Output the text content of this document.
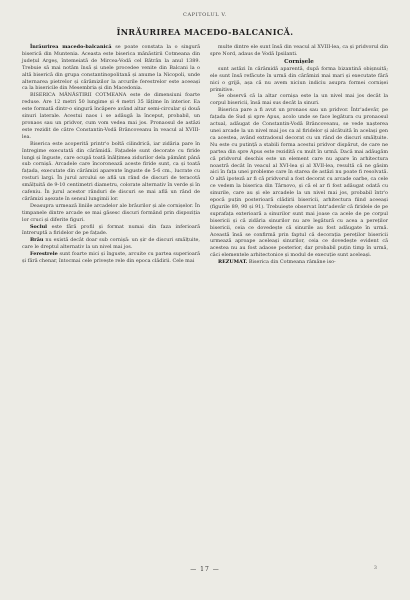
CAPITOLUL V.
ÎNRĂURIREA MACEDO-BALCANICĂ.

Înrăurirea macedo-balcanică se poate constata la o singură biserică din Muntenia. Aceasta este biserica mănăstirii Cotmeana din județul Argeș, întemeiată de Mircea-Vodă cel Bătrân la anul 1389. Trebuie să mai notăm însă și unele procedee venite din Balcani la o altă biserică din grupa constantinopolitană și anume la Nicopoli, unde alternarea pietrelor și cărămizilor la arcurile ferestrelor este aceeași ca la bisericile din Mesembria și din Macedonia.

BISERICA MĂNĂSTIRII COTMEANA este de dimensiuni foarte reduse. Are 12 metri 50 lungime și 4 metri 35 lățime în interior. Ea este formată dintr-o singură încăpere având altar semi-circular și două sinuri laterale. Acestui naos i se adăugă la început, probabil, un pronaos sau un pridvor, cum vom vedea mai jos. Pronaosul de astăzi este rezidit de către Constantin-Vodă Brâncoveanu în veacul al XVIII-lea.

Biserica este acoperită printr'o boltă cilindrică, iar zidăria pare în întregime executată din cărămidă. Fațadele sunt decorate cu firide lungi și înguste, care ocupă toată înălțimea zidurilor dela pământ până sub cornișă. Arcadele care încoronează aceste firide sunt, ca și toată fațada, executate din cărămizi aparente înguste de 5-6 cm., lucrate cu rosturi largi. În jurul arcului se află un rând de discuri de teracotă smălțuită de 9-10 centimetri diametru, colorate alternativ în verde și în cafeniu. În jurul acestor rânduri de discuri se mai află un rând de cărămizi așezate în sensul lungimii lor.

Deasupra urmează liniile arcadelor ale brâurilor și ale cornișelor. În timpanele dintre arcade se mai găsesc discuri formând prin dispoziția lor cruci și diferite figuri.

Soclul este fără profil și format numai din faza inferioară întreruptă a firidelor de pe fațade.

Brâu nu există decât doar sub cornișă: un șir de discuri smălțuite, care le dreptul alternativ la un nivel mai jos.

Ferestrele sunt foarte mici și înguste, arcuite cu partea superioară și fără chenar, întocmai cele privește rele din epoca clădirii. Cele mai

multe dintre ele sunt însă din veacul al XVIII-lea, ca și pridvorul din spre Nord, adaus de Vodă Ipsilanti.

Cornișele

sunt astăzi în cărămidă aparentă, după forma bizantină obișnuită; ele sunt însă refăcute în urmă din cărămizi mai mari și executate fără nici o grijă, așa că nu avem niciun indiciu asupra formei cornișei primitive.

Se observă că la altar cornișa este la un nivel mai jos decât la corpul bisericii, însă mai sus decât la sinuri.

Biserica pare a fi avut un pronaos sau un pridvor. Într'adevăr, pe fațada de Sud și spre Apus, acolo unde se face legătura cu pronaosul actual, adăugat de Constantin-Vodă Brâncoveanu, se vede nașterea unei arcade la un nivel mai jos ca al firidelor și alcătuită în același gen ca acestea, având extradosul decorat cu un rând de discuri smălțuite. Nu este cu putință a stabili forma acestui pridvor dispărut, de care ne partea din spre Apus este rezidită cu mult în urmă. Dacă mai adăugăm că pridvorul deschis este un element care nu apare în arhitectura noastră decât în veacul al XVI-lea și al XVII-lea, resultă că ne găsim aici în fața unei probleme care în starea de astăzi nu poate fi resolvată. O altă ipoteză ar fi că pridvorul a fost decorat cu arcade oarbe, ca cele ce vedem la biserica din Târnovo, și că el ar fi fost adăugat odată cu sinurile, care au și ele arcadele la un nivel mai jos, probabil într'o epocă puțin posterioară clădirii bisericii, arhitectura fiind aceeași (figurile 89, 90 și 91). Trebuiește observat într'adevăr că firidele de pe suprafața exterioară a sinurilor sunt mai joase ca acele de pe corpul bisericii și că zidăria sinurilor nu are legătură cu acea a pereților bisericii, ceia ce dovedește că sinurile au fost adăugate în urmă. Această însă se confirmă prin faptul că decorația pereților bisericii urmează aproape aceleași sinurilor, ceia ce dovedește evident că acestea nu au fost adaose posterior, dar probabil puțin timp în urmă, căci elementele arhitectonice și modul de execuție sunt aceleași.

REZUMAT. Biserica din Cotmeana rămâne iso-

— 17 —	3
